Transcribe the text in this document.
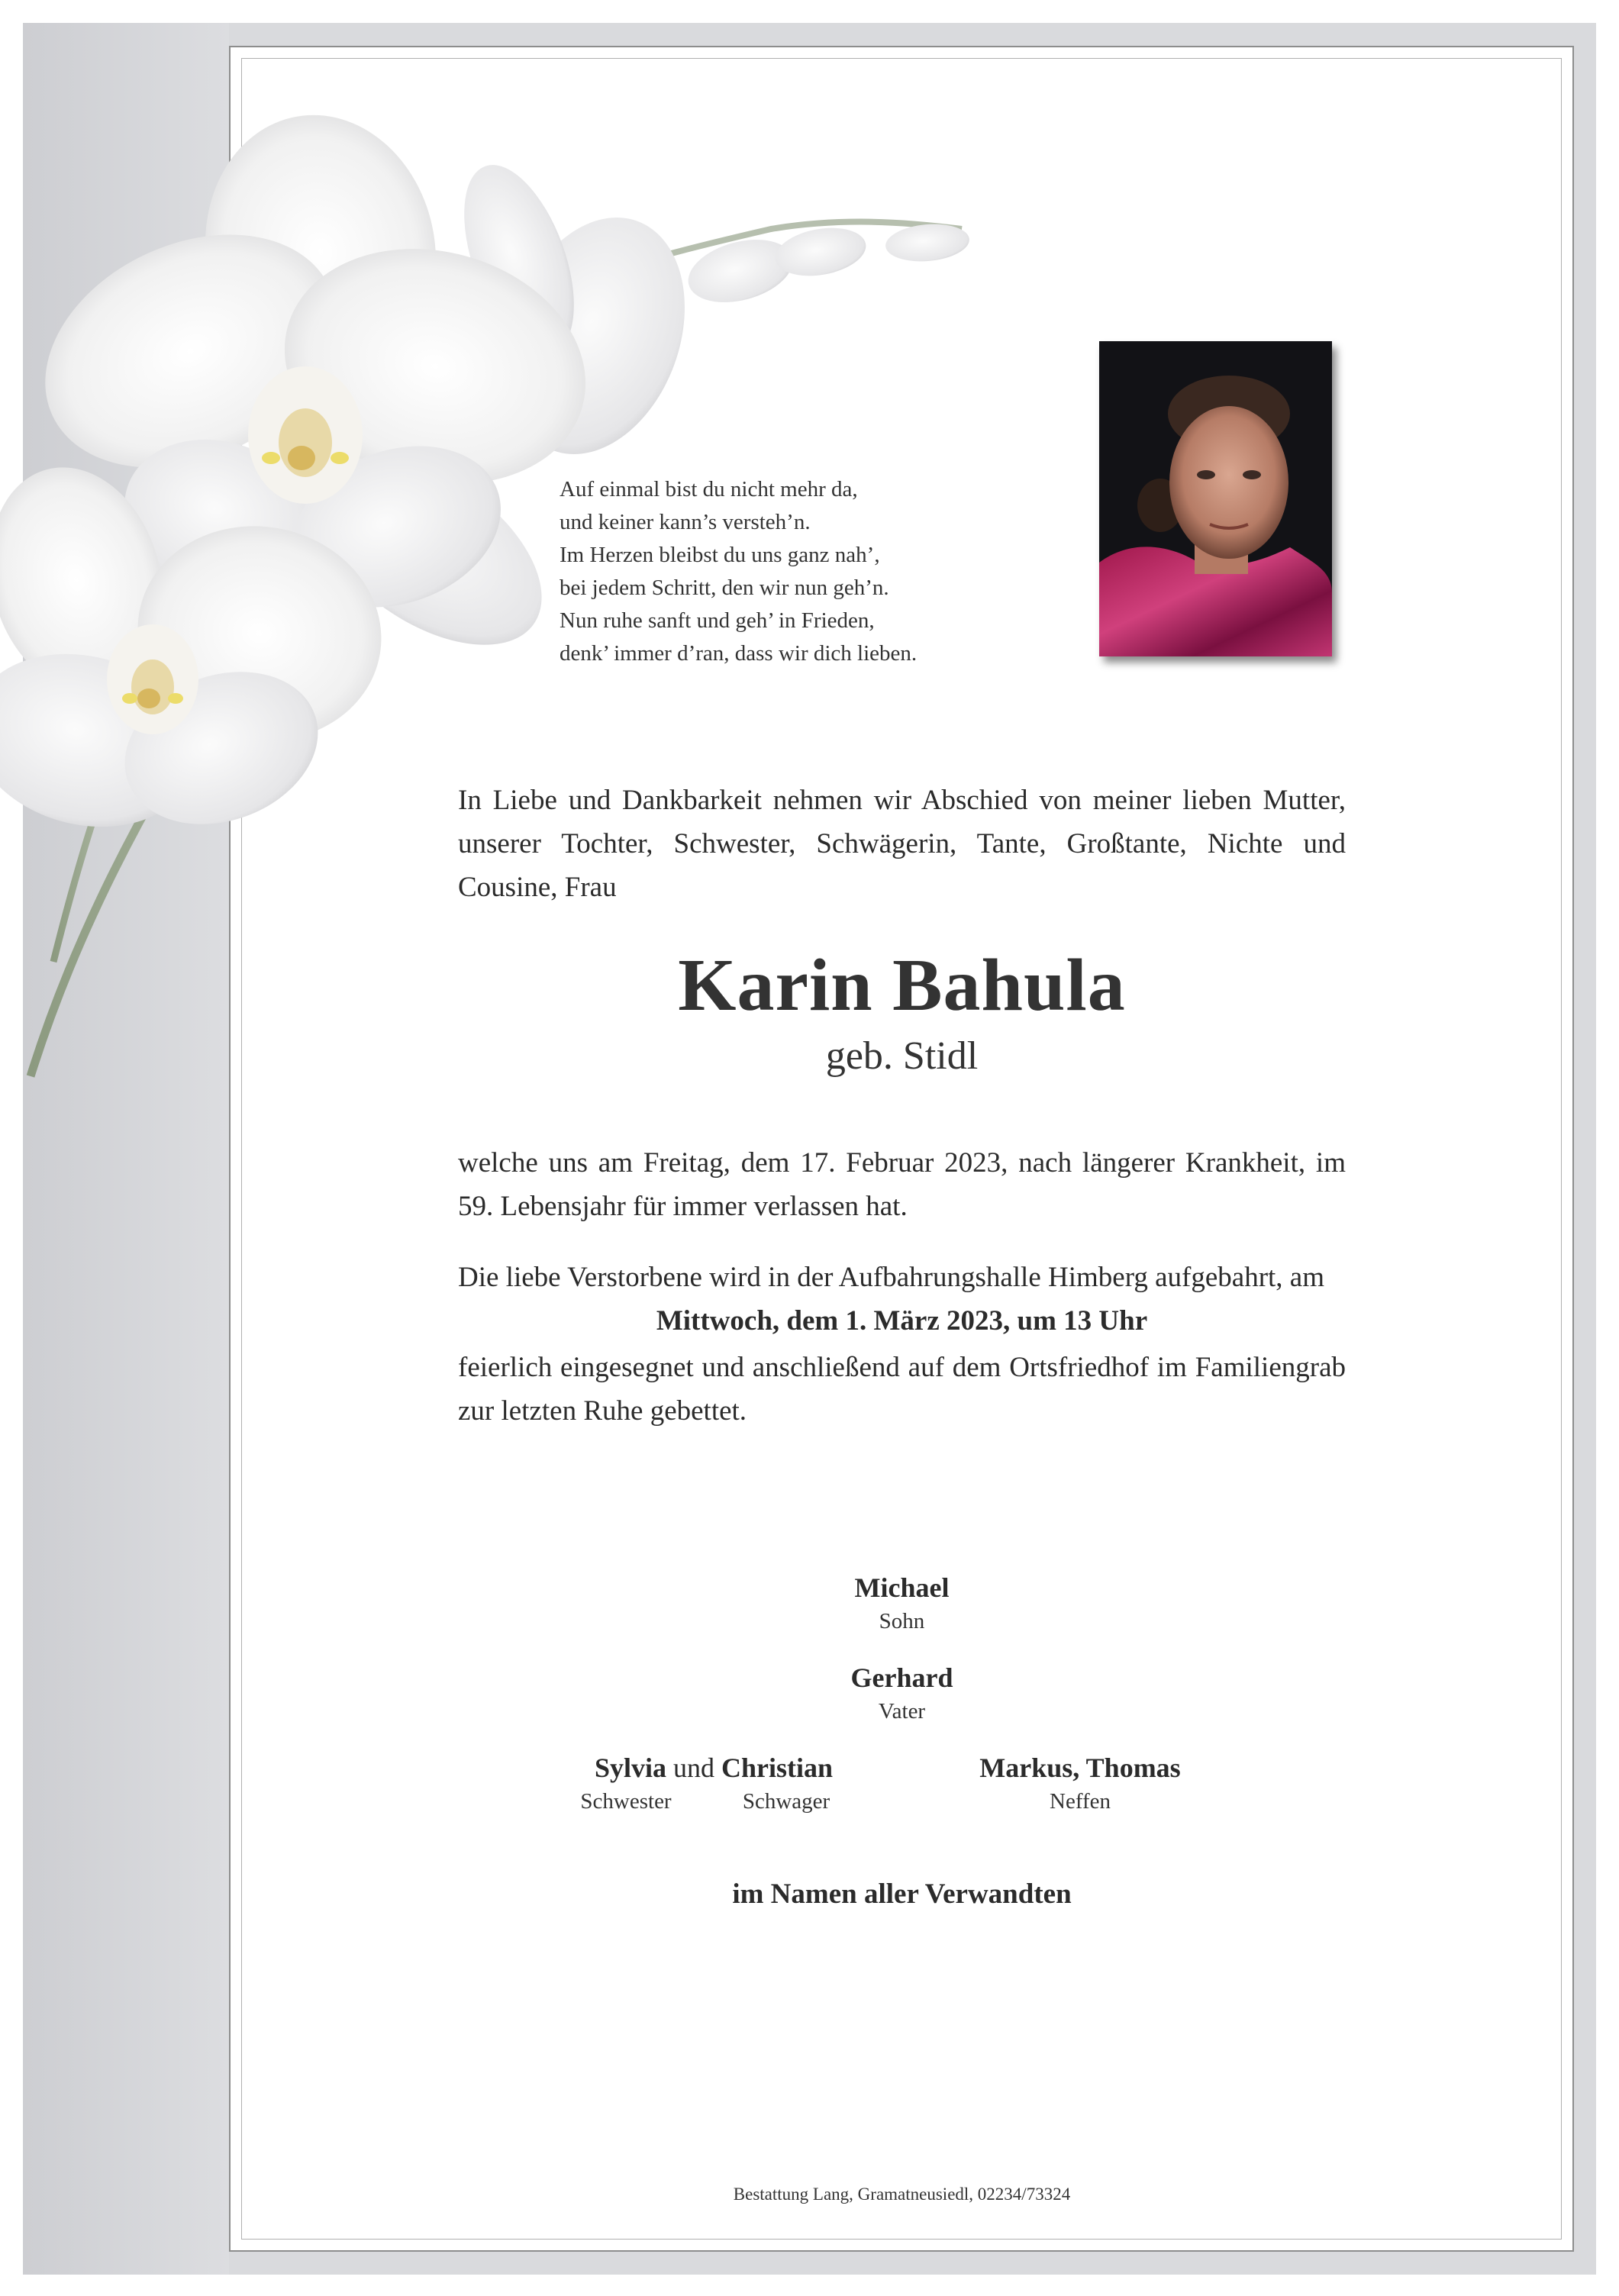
Auf einmal bist du nicht mehr da,
und keiner kann’s versteh’n.
Im Herzen bleibst du uns ganz nah’,
bei jedem Schritt, den wir nun geh’n.
Nun ruhe sanft und geh’ in Frieden,
denk’ immer d’ran, dass wir dich lieben.
In Liebe und Dankbarkeit nehmen wir Abschied von meiner lieben Mutter, unserer Tochter, Schwester, Schwägerin, Tante, Großtante, Nichte und Cousine, Frau
Karin Bahula
geb. Stidl
welche uns am Freitag, dem 17. Februar 2023, nach längerer Krankheit, im 59. Lebensjahr für immer verlassen hat.
Die liebe Verstorbene wird in der Aufbahrungshalle Himberg aufgebahrt, am
Mittwoch, dem 1. März 2023, um 13 Uhr
feierlich eingesegnet und anschließend auf dem Ortsfriedhof im Familiengrab zur letzten Ruhe gebettet.
Michael
Sohn
Gerhard
Vater
Sylvia und Christian
Schwester	Schwager
Markus, Thomas
Neffen
im Namen aller Verwandten
Bestattung Lang, Gramatneusiedl, 02234/73324
